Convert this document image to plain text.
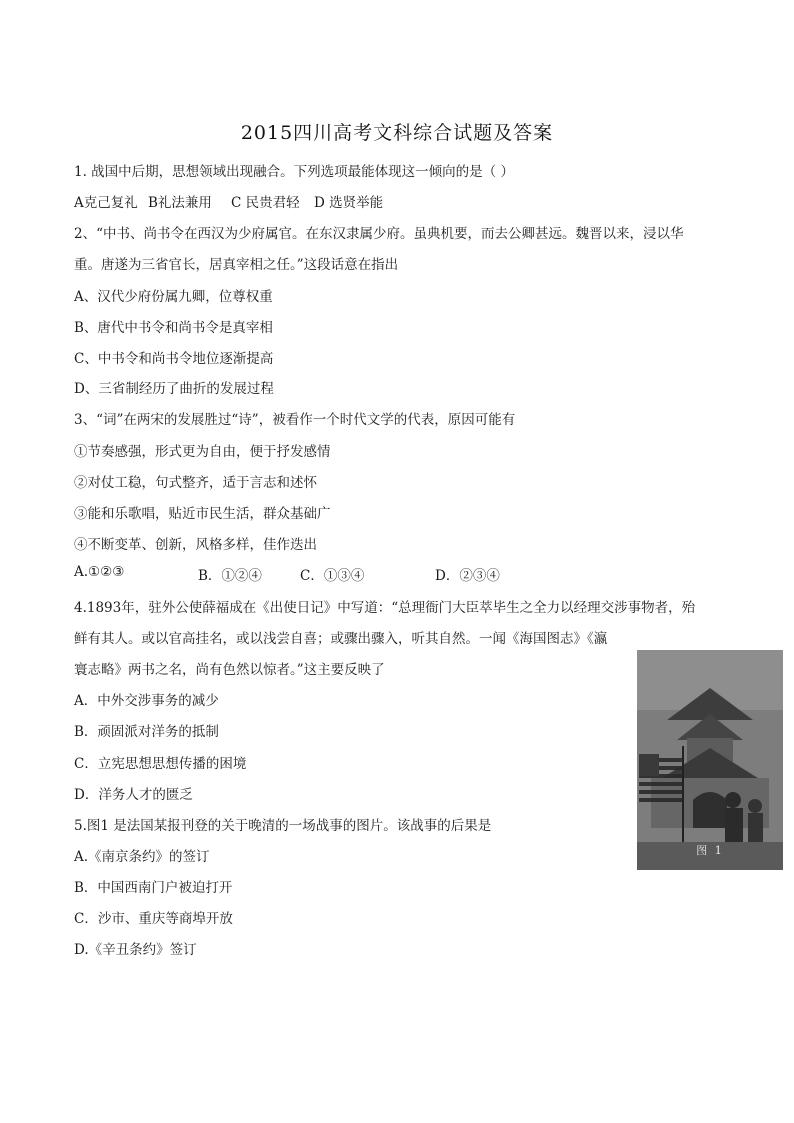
2015四川高考文科综合试题及答案
1. 战国中后期，思想领域出现融合。下列选项最能体现这一倾向的是（ ）
A克己复礼 B礼法兼用 C 民贵君轻 D 选贤举能
2、“中书、尚书令在西汉为少府属官。在东汉隶属少府。虽典机要，而去公卿甚远。魏晋以来，浸以华
重。唐遂为三省官长，居真宰相之任。”这段话意在指出
A、汉代少府份属九卿，位尊权重
B、唐代中书令和尚书令是真宰相
C、中书令和尚书令地位逐渐提高
D、三省制经历了曲折的发展过程
3、“词”在两宋的发展胜过“诗”，被看作一个时代文学的代表，原因可能有
①节奏感强，形式更为自由，便于抒发感情
②对仗工稳，句式整齐，适于言志和述怀
③能和乐歌唱，贴近市民生活，群众基础广
④不断变革、创新，风格多样，佳作迭出
A.①②③	B．①②④	C．①③④	D．②③④
4.1893年，驻外公使薛福成在《出使日记》中写道：“总理衙门大臣萃毕生之全力以经理交涉事物者，殆
鲜有其人。或以官高挂名，或以浅尝自喜；或骤出骤入，听其自然。一闻《海国图志》《瀛
寰志略》两书之名，尚有色然以惊者。”这主要反映了
A．中外交涉事务的减少
B．顽固派对洋务的抵制
C．立宪思想思想传播的困境
D．洋务人才的匮乏
5.图1 是法国某报刊登的关于晚清的一场战事的图片。该战事的后果是
A.《南京条约》的签订
B．中国西南门户被迫打开
C．沙市、重庆等商埠开放
D.《辛丑条约》签订
图 1
